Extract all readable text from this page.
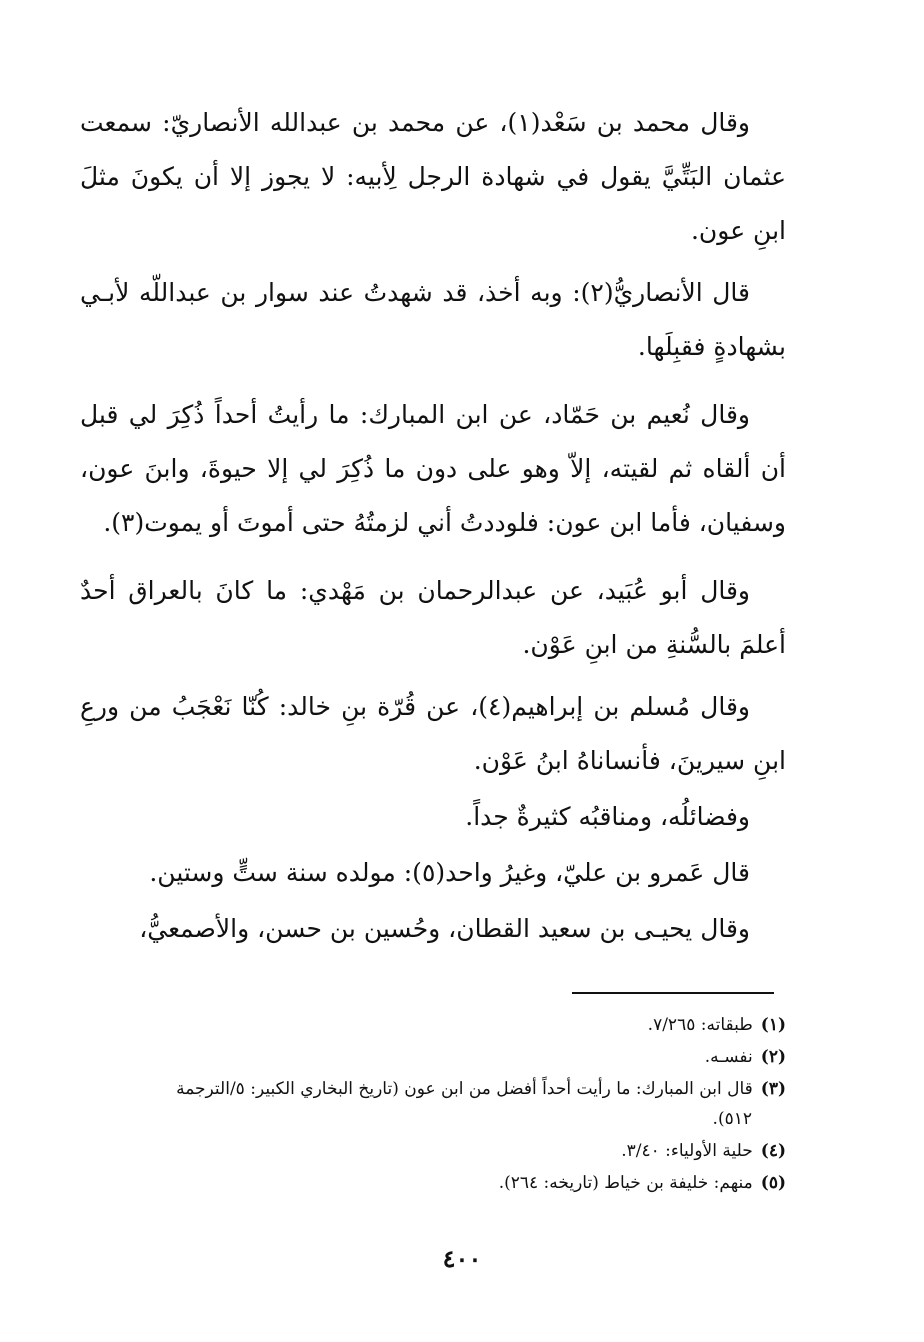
وقال محمد بن سَعْد(١)، عن محمد بن عبدالله الأنصاريّ: سمعت عثمان البَتِّيَّ يقول في شهادة الرجل لِأبيه: لا يجوز إلا أن يكونَ مثلَ ابنِ عون.

قال الأنصاريُّ(٢): وبه أخذ، قد شهدتُ عند سوار بن عبداللّه لأبـي بشهادةٍ فقبِلَها.

وقال نُعيم بن حَمّاد، عن ابن المبارك: ما رأيتُ أحداً ذُكِرَ لي قبل أن ألقاه ثم لقيته، إلاّ وهو على دون ما ذُكِرَ لي إلا حيوةَ، وابنَ عون، وسفيان، فأما ابن عون: فلوددتُ أني لزمتُهُ حتى أموتَ أو يموت(٣).

وقال أبو عُبَيد، عن عبدالرحمان بن مَهْدي: ما كانَ بالعراق أحدٌ أعلمَ بالسُّنةِ من ابنِ عَوْن.

وقال مُسلم بن إبراهيم(٤)، عن قُرّة بنِ خالد: كُنّا نَعْجَبُ من ورعِ ابنِ سيرينَ، فأنساناهُ ابنُ عَوْن.

وفضائلُه، ومناقبُه كثيرةٌ جداً.

قال عَمرو بن عليّ، وغيرُ واحد(٥): مولده سنة ستٍّ وستين.

وقال يحيـى بن سعيد القطان، وحُسين بن حسن، والأصمعيُّ،

(١)طبقاته: ٧/٢٦٥.

(٢)نفسـه.

(٣)قال ابن المبارك: ما رأيت أحداً أفضل من ابن عون (تاريخ البخاري الكبير: ٥/الترجمة
٥١٢).

(٤)حلية الأولياء: ٣/٤٠.

(٥)منهم: خليفة بن خياط (تاريخه: ٢٦٤).

٤٠٠
